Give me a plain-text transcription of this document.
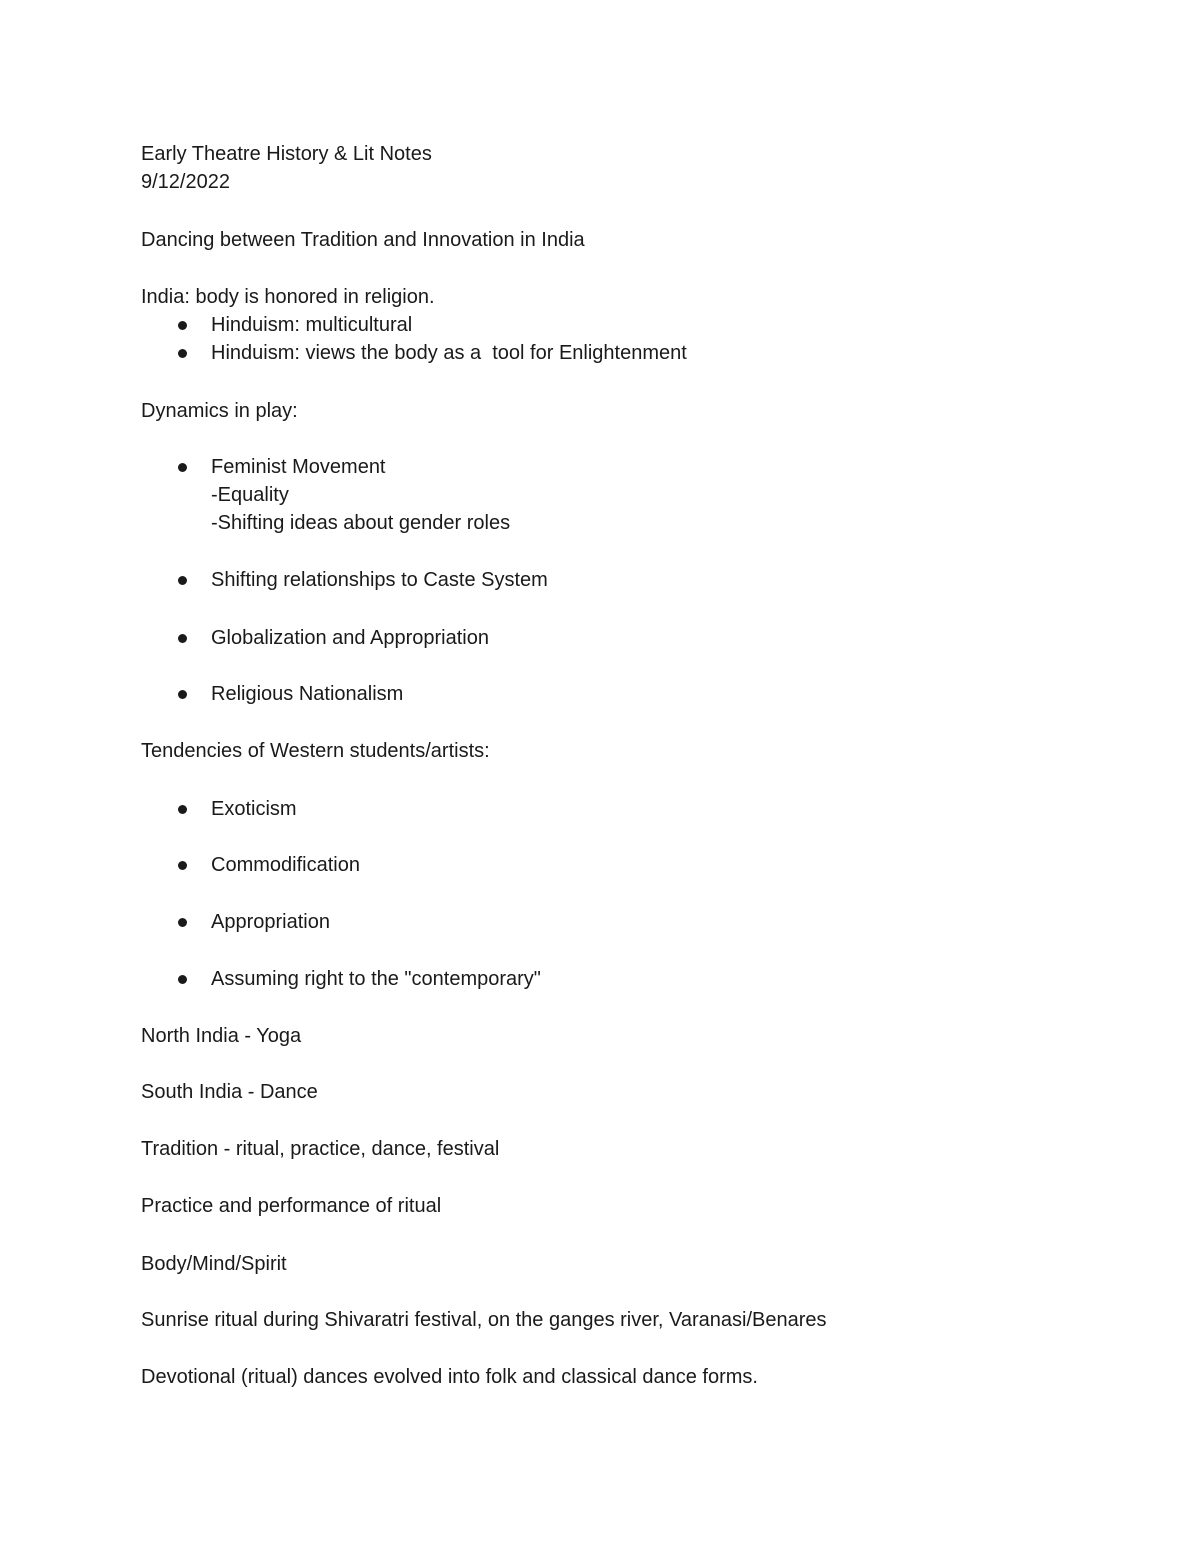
Early Theatre History & Lit Notes
9/12/2022
Dancing between Tradition and Innovation in India
India: body is honored in religion.

Hinduism: multicultural

Hinduism: views the body as a  tool for Enlightenment

Dynamics in play:

Feminist Movement

-Equality
-Shifting ideas about gender roles

Shifting relationships to Caste System

Globalization and Appropriation

Religious Nationalism

Tendencies of Western students/artists:

Exoticism

Commodification

Appropriation

Assuming right to the "contemporary"

North India - Yoga
South India - Dance
Tradition - ritual, practice, dance, festival
Practice and performance of ritual
Body/Mind/Spirit
Sunrise ritual during Shivaratri festival, on the ganges river, Varanasi/Benares
Devotional (ritual) dances evolved into folk and classical dance forms.
